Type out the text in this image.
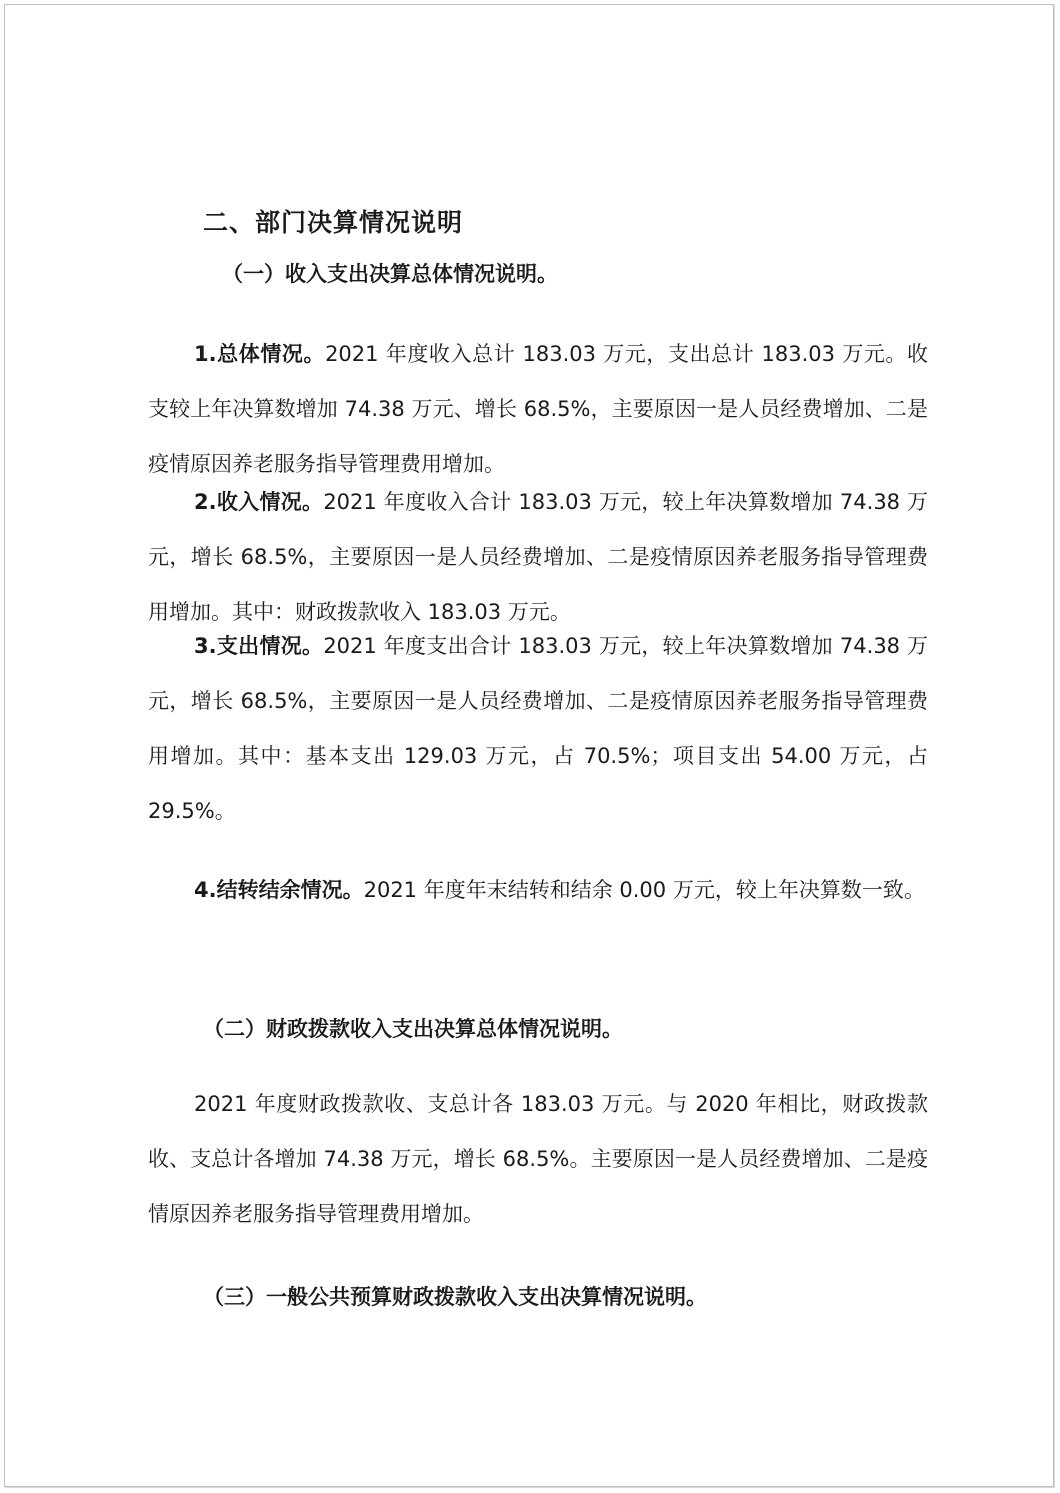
二、部门决算情况说明
（一）收入支出决算总体情况说明。

1.总体情况。2021 年度收入总计 183.03 万元，支出总计 183.03 万元。收支较上年决算数增加 74.38 万元、增长 68.5%，主要原因一是人员经费增加、二是疫情原因养老服务指导管理费用增加。

2.收入情况。2021 年度收入合计 183.03 万元，较上年决算数增加 74.38 万元，增长 68.5%，主要原因一是人员经费增加、二是疫情原因养老服务指导管理费用增加。其中：财政拨款收入 183.03 万元。

3.支出情况。2021 年度支出合计 183.03 万元，较上年决算数增加 74.38 万元，增长 68.5%，主要原因一是人员经费增加、二是疫情原因养老服务指导管理费用增加。其中：基本支出 129.03 万元，占 70.5%；项目支出 54.00 万元，占 29.5%。

4.结转结余情况。2021 年度年末结转和结余 0.00 万元，较上年决算数一致。

（二）财政拨款收入支出决算总体情况说明。

2021 年度财政拨款收、支总计各 183.03 万元。与 2020 年相比，财政拨款收、支总计各增加 74.38 万元，增长 68.5%。主要原因一是人员经费增加、二是疫情原因养老服务指导管理费用增加。

（三）一般公共预算财政拨款收入支出决算情况说明。
